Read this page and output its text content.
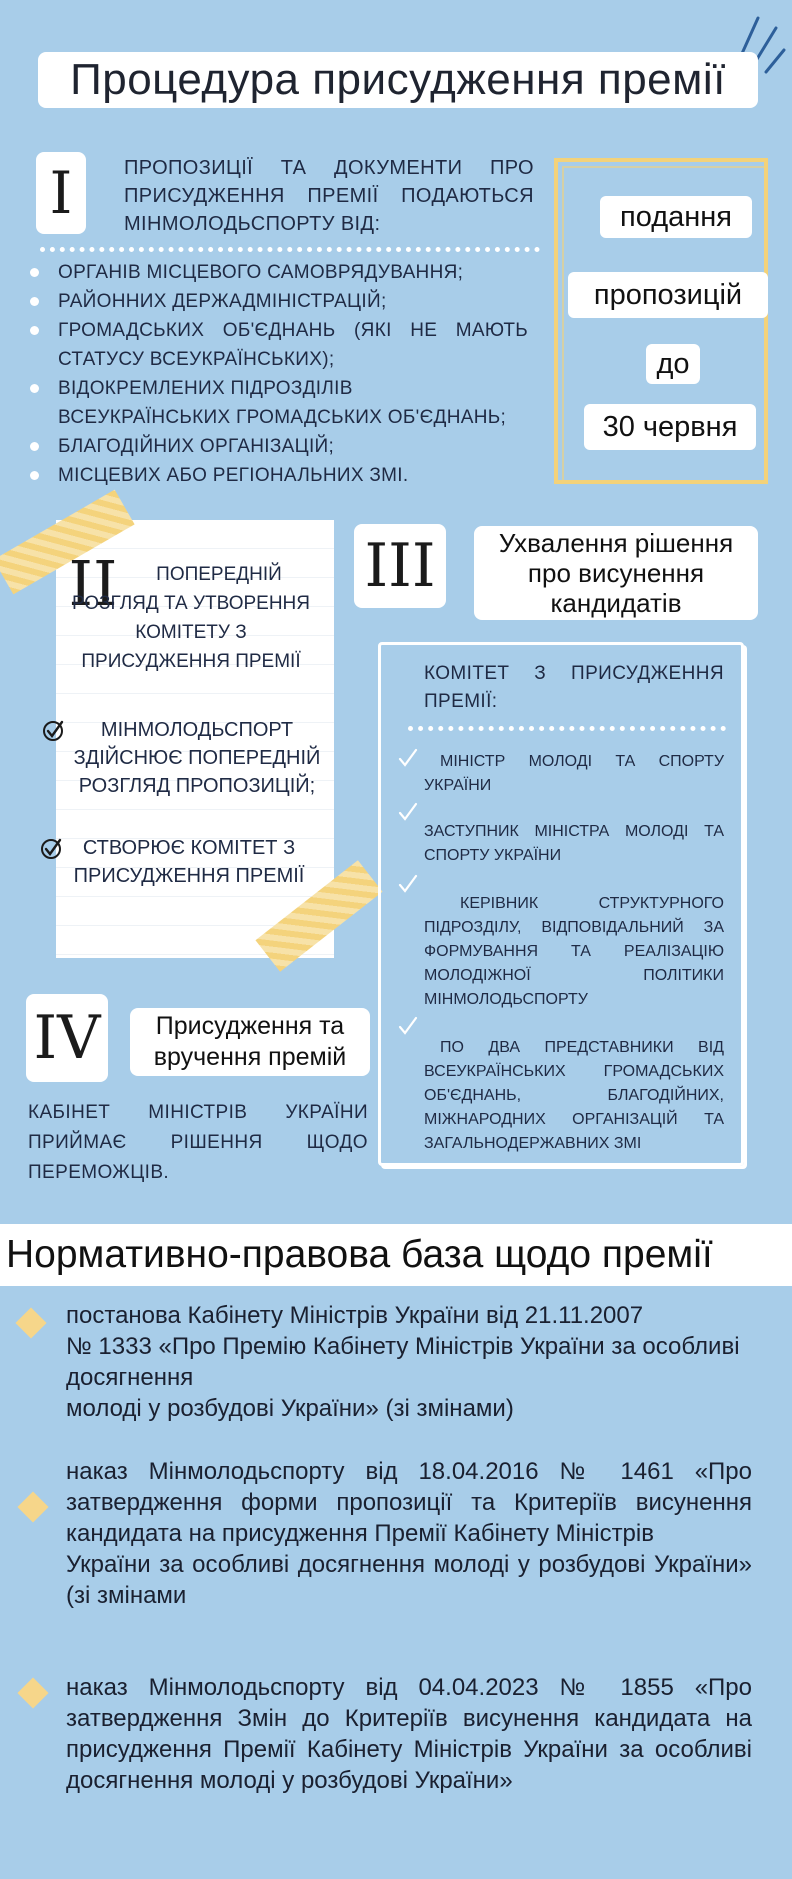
Процедура присудження премії
I	ПРОПОЗИЦІЇ ТА ДОКУМЕНТИ ПРО ПРИСУДЖЕННЯ ПРЕМІЇ ПОДАЮТЬСЯ МІНМОЛОДЬСПОРТУ ВІД:
ОРГАНІВ МІСЦЕВОГО САМОВРЯДУВАННЯ;
РАЙОННИХ ДЕРЖАДМІНІСТРАЦІЙ;
ГРОМАДСЬКИХ ОБ'ЄДНАНЬ (ЯКІ НЕ МАЮТЬ СТАТУСУ ВСЕУКРАЇНСЬКИХ);
ВІДОКРЕМЛЕНИХ ПІДРОЗДІЛІВ ВСЕУКРАЇНСЬКИХ ГРОМАДСЬКИХ ОБ'ЄДНАНЬ;
БЛАГОДІЙНИХ ОРГАНІЗАЦІЙ;
МІСЦЕВИХ АБО РЕГІОНАЛЬНИХ ЗМІ.
подання
пропозицій
до
30 червня
II	ПОПЕРЕДНІЙ РОЗГЛЯД ТА УТВОРЕННЯ КОМІТЕТУ З ПРИСУДЖЕННЯ ПРЕМІЇ
МІНМОЛОДЬСПОРТ ЗДІЙСНЮЄ ПОПЕРЕДНІЙ РОЗГЛЯД ПРОПОЗИЦІЙ;
СТВОРЮЄ КОМІТЕТ З ПРИСУДЖЕННЯ ПРЕМІЇ
III	Ухвалення рішення про висунення кандидатів
КОМІТЕТ З ПРИСУДЖЕННЯ ПРЕМІЇ:
МІНІСТР МОЛОДІ ТА СПОРТУ УКРАЇНИ
ЗАСТУПНИК МІНІСТРА МОЛОДІ ТА СПОРТУ УКРАЇНИ
КЕРІВНИК СТРУКТУРНОГО ПІДРОЗДІЛУ, ВІДПОВІДАЛЬНИЙ ЗА ФОРМУВАННЯ ТА РЕАЛІЗАЦІЮ МОЛОДІЖНОЇ ПОЛІТИКИ МІНМОЛОДЬСПОРТУ
ПО ДВА ПРЕДСТАВНИКИ ВІД ВСЕУКРАЇНСЬКИХ ГРОМАДСЬКИХ ОБ'ЄДНАНЬ, БЛАГОДІЙНИХ, МІЖНАРОДНИХ ОРГАНІЗАЦІЙ ТА ЗАГАЛЬНОДЕРЖАВНИХ ЗМІ
IV	Присудження та вручення премій
КАБІНЕТ МІНІСТРІВ УКРАЇНИ ПРИЙМАЄ РІШЕННЯ ЩОДО ПЕРЕМОЖЦІВ.
Нормативно-правова база щодо премії
постанова Кабінету Міністрів України від 21.11.2007
№ 1333 «Про Премію Кабінету Міністрів України за особливі досягнення
молоді у розбудові України» (зі змінами)
наказ Мінмолодьспорту від 18.04.2016 № 1461 «Про затвердження форми пропозиції та Критеріїв висунення кандидата на присудження Премії Кабінету Міністрів
України за особливі досягнення молоді у розбудові України» (зі змінами
наказ Мінмолодьспорту від 04.04.2023 № 1855 «Про затвердження Змін до Критеріїв висунення кандидата на присудження Премії Кабінету Міністрів України за особливі досягнення молоді у розбудові України»
